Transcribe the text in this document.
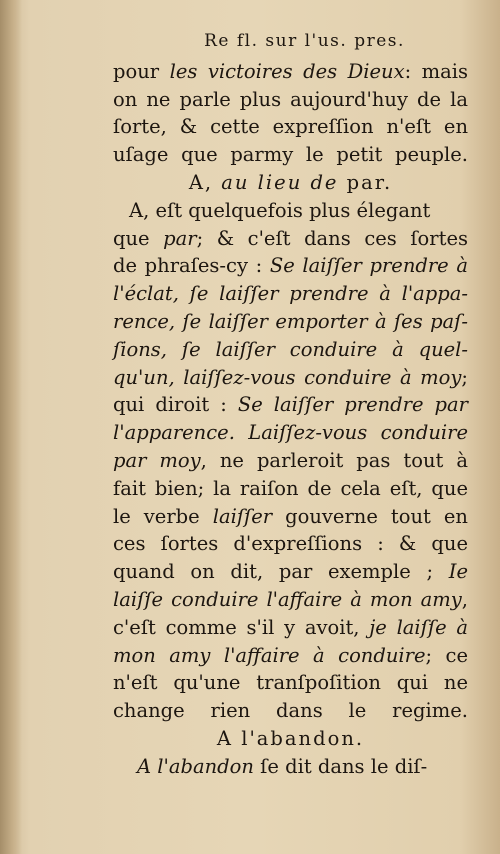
Re fl. sur l'us. pres.
pour les victoires des Dieux: mais
on ne parle plus aujourd'huy de la
ſorte, & cette expreſſion n'eſt en
uſage que parmy le petit peuple.
A, au lieu de par.
A, eſt quelquefois plus élegant
que par; & c'eſt dans ces ſortes
de phraſes-cy : Se laiſſer prendre à
l'éclat, ſe laiſſer prendre à l'appa-
rence, ſe laiſſer emporter à ſes paſ-
ſions, ſe laiſſer conduire à quel-
qu'un, laiſſez-vous conduire à moy;
qui diroit : Se laiſſer prendre par
l'apparence. Laiſſez-vous conduire
par moy, ne parleroit pas tout à
fait bien; la raiſon de cela eſt, que
le verbe laiſſer gouverne tout en
ces ſortes d'expreſſions : & que
quand on dit, par exemple ; Ie
laiſſe conduire l'affaire à mon amy,
c'eſt comme s'il y avoit, je laiſſe à
mon amy l'affaire à conduire; ce
n'eſt qu'une tranſpoſition qui ne
change rien dans le regime.
A l'abandon.
A l'abandon ſe dit dans le diſ-
